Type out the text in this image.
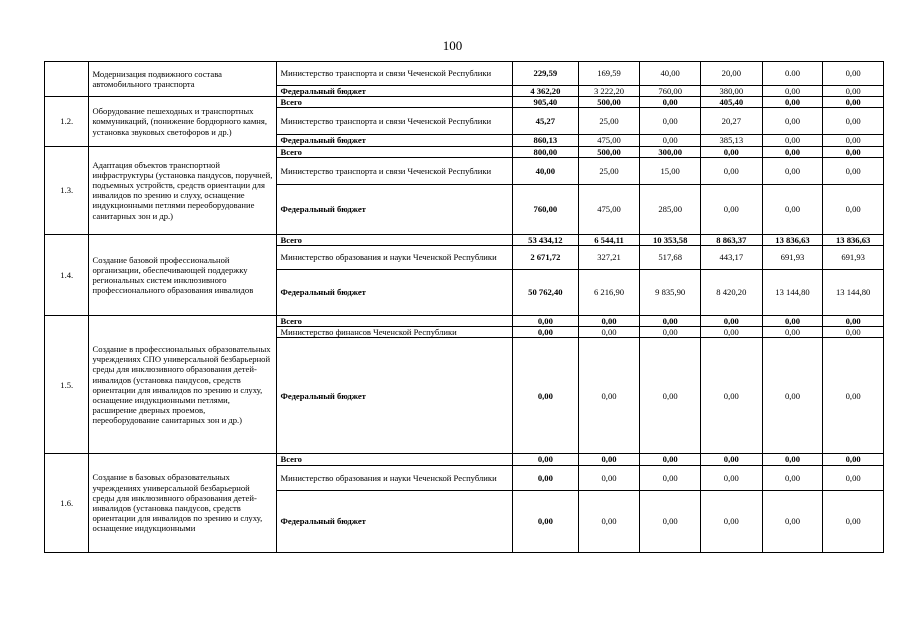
100
	Модернизация подвижного состава автомобильного транспорта	Министерство транспорта и связи Чеченской Республики	229,59	169,59	40,00	20,00	0.00	0,00
		Федеральный бюджет	4 362,20	3 222,20	760,00	380,00	0,00	0,00
1.2.	Оборудование пешеходных и транспортных коммуникаций, (понижение бордюрного камня, установка звуковых светофоров и др.)	Всего	905,40	500,00	0,00	405,40	0,00	0,00
		Министерство транспорта и связи Чеченской Республики	45,27	25,00	0,00	20,27	0,00	0,00
		Федеральный бюджет	860,13	475,00	0,00	385,13	0,00	0,00
1.3.	Адаптация объектов транспортной инфраструктуры (установка пандусов, поручней, подъемных устройств, средств ориентации для инвалидов по зрению и слуху, оснащение индукционными петлями переоборудование санитарных зон и др.)	Всего	800,00	500,00	300,00	0,00	0,00	0,00
		Министерство транспорта и связи Чеченской Республики	40,00	25,00	15,00	0,00	0,00	0,00
		Федеральный бюджет	760,00	475,00	285,00	0,00	0,00	0,00
1.4.	Создание базовой профессиональной организации, обеспечивающей поддержку региональных систем инклюзивного профессионального образования инвалидов	Всего	53 434,12	6 544,11	10 353,58	8 863,37	13 836,63	13 836,63
		Министерство образования и науки Чеченской Республики	2 671,72	327,21	517,68	443,17	691,93	691,93
		Федеральный бюджет	50 762,40	6 216,90	9 835,90	8 420,20	13 144,80	13 144,80
1.5.	Создание в профессиональных образовательных учреждениях СПО универсальной безбарьерной среды для инклюзивного образования детей-инвалидов (установка пандусов, средств ориентации для инвалидов по зрению и слуху, оснащение индукционными петлями, расширение дверных проемов, переоборудование санитарных зон и др.)	Всего	0,00	0,00	0,00	0,00	0,00	0,00
		Министерство финансов Чеченской Республики	0,00	0,00	0,00	0,00	0,00	0,00
		Федеральный бюджет	0,00	0,00	0,00	0,00	0,00	0,00
1.6.	Создание в базовых образовательных учреждениях универсальной безбарьерной среды для инклюзивного образования детей-инвалидов (установка пандусов, средств ориентации для инвалидов по зрению и слуху, оснащение индукционными	Всего	0,00	0,00	0,00	0,00	0,00	0,00
		Министерство образования и науки Чеченской Республики	0,00	0,00	0,00	0,00	0,00	0,00
		Федеральный бюджет	0,00	0,00	0,00	0,00	0,00	0,00
